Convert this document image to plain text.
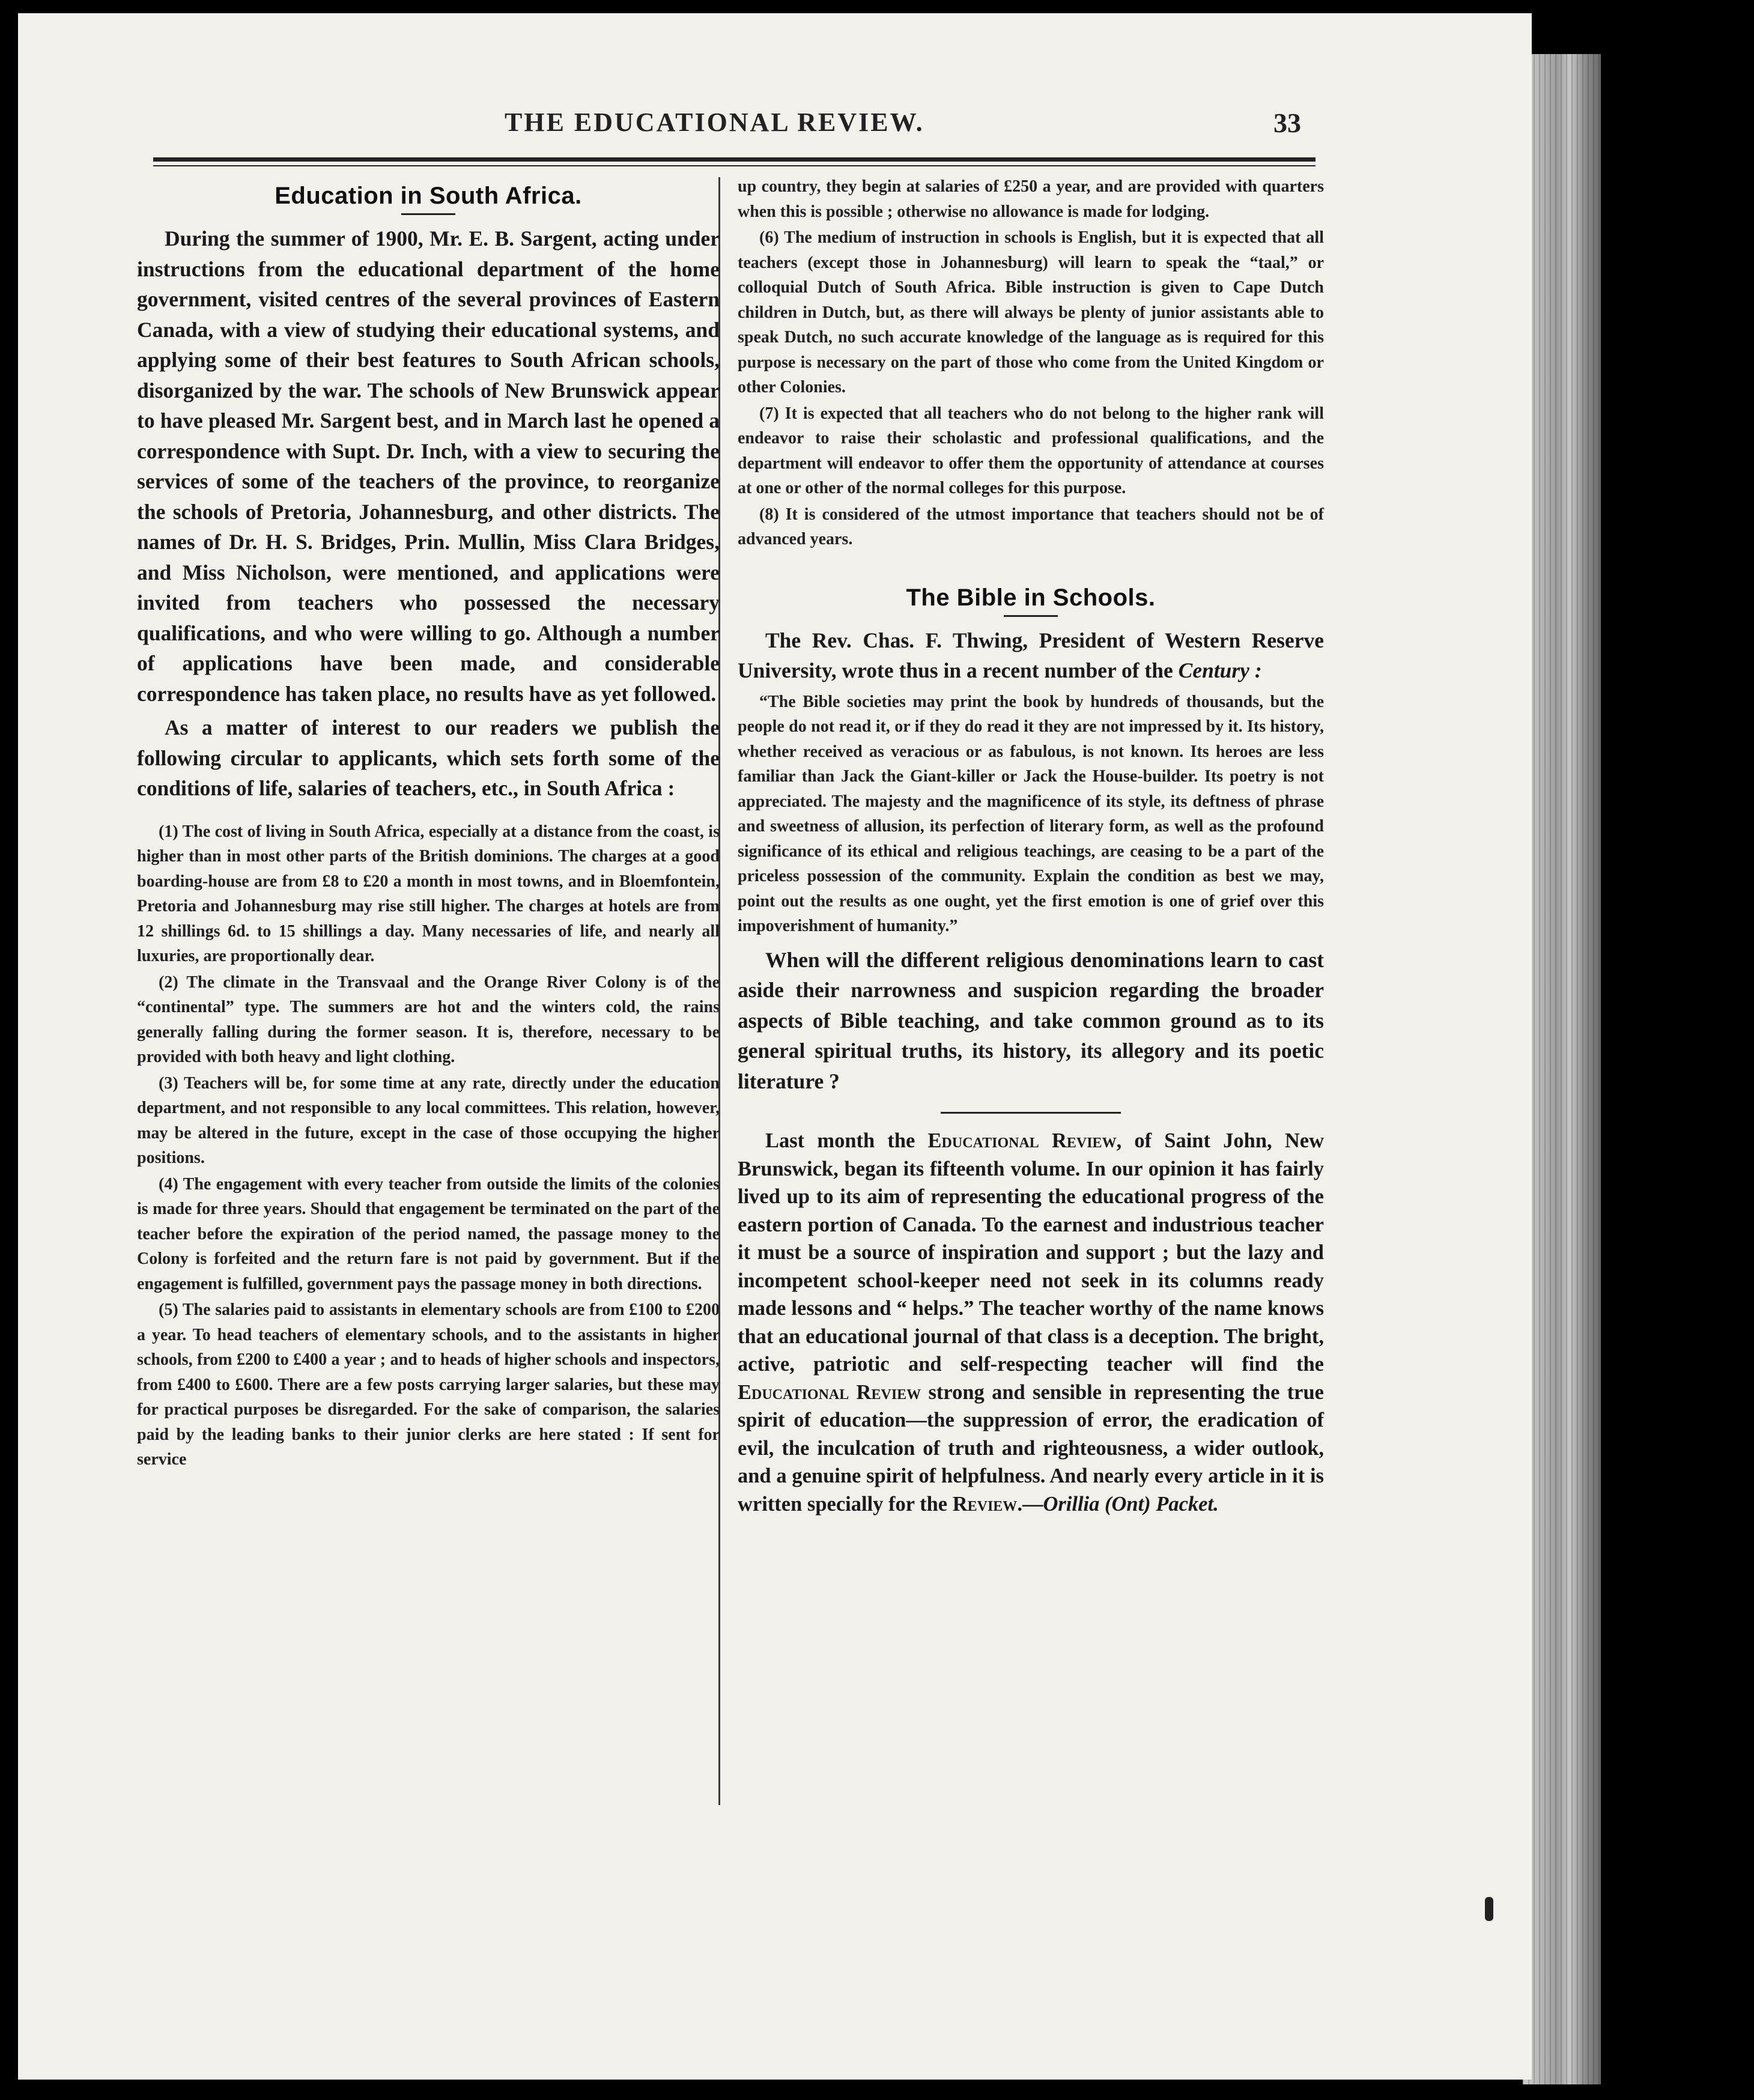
THE EDUCATIONAL REVIEW.	33
Education in South Africa.

During the summer of 1900, Mr. E. B. Sargent, acting under instructions from the educational department of the home government, visited centres of the several provinces of Eastern Canada, with a view of studying their educational systems, and applying some of their best features to South African schools, disorganized by the war. The schools of New Brunswick appear to have pleased Mr. Sargent best, and in March last he opened a correspondence with Supt. Dr. Inch, with a view to securing the services of some of the teachers of the province, to reorganize the schools of Pretoria, Johannesburg, and other districts. The names of Dr. H. S. Bridges, Prin. Mullin, Miss Clara Bridges, and Miss Nicholson, were mentioned, and applications were invited from teachers who possessed the necessary qualifications, and who were willing to go. Although a number of applications have been made, and considerable correspondence has taken place, no results have as yet followed.

As a matter of interest to our readers we publish the following circular to applicants, which sets forth some of the conditions of life, salaries of teachers, etc., in South Africa :

(1) The cost of living in South Africa, especially at a distance from the coast, is higher than in most other parts of the British dominions. The charges at a good boarding-house are from £8 to £20 a month in most towns, and in Bloemfontein, Pretoria and Johannesburg may rise still higher. The charges at hotels are from 12 shillings 6d. to 15 shillings a day. Many necessaries of life, and nearly all luxuries, are proportionally dear.

(2) The climate in the Transvaal and the Orange River Colony is of the “continental” type. The summers are hot and the winters cold, the rains generally falling during the former season. It is, therefore, necessary to be provided with both heavy and light clothing.

(3) Teachers will be, for some time at any rate, directly under the education department, and not responsible to any local committees. This relation, however, may be altered in the future, except in the case of those occupying the higher positions.

(4) The engagement with every teacher from outside the limits of the colonies is made for three years. Should that engagement be terminated on the part of the teacher before the expiration of the period named, the passage money to the Colony is forfeited and the return fare is not paid by government. But if the engagement is fulfilled, government pays the passage money in both directions.

(5) The salaries paid to assistants in elementary schools are from £100 to £200 a year. To head teachers of elementary schools, and to the assistants in higher schools, from £200 to £400 a year ; and to heads of higher schools and inspectors, from £400 to £600. There are a few posts carrying larger salaries, but these may for practical purposes be disregarded. For the sake of comparison, the salaries paid by the leading banks to their junior clerks are here stated : If sent for service

up country, they begin at salaries of £250 a year, and are provided with quarters when this is possible ; otherwise no allowance is made for lodging.

(6) The medium of instruction in schools is English, but it is expected that all teachers (except those in Johannesburg) will learn to speak the “taal,” or colloquial Dutch of South Africa. Bible instruction is given to Cape Dutch children in Dutch, but, as there will always be plenty of junior assistants able to speak Dutch, no such accurate knowledge of the language as is required for this purpose is necessary on the part of those who come from the United Kingdom or other Colonies.

(7) It is expected that all teachers who do not belong to the higher rank will endeavor to raise their scholastic and professional qualifications, and the department will endeavor to offer them the opportunity of attendance at courses at one or other of the normal colleges for this purpose.

(8) It is considered of the utmost importance that teachers should not be of advanced years.

The Bible in Schools.

The Rev. Chas. F. Thwing, President of Western Reserve University, wrote thus in a recent number of the Century :

“The Bible societies may print the book by hundreds of thousands, but the people do not read it, or if they do read it they are not impressed by it. Its history, whether received as veracious or as fabulous, is not known. Its heroes are less familiar than Jack the Giant-killer or Jack the House-builder. Its poetry is not appreciated. The majesty and the magnificence of its style, its deftness of phrase and sweetness of allusion, its perfection of literary form, as well as the profound significance of its ethical and religious teachings, are ceasing to be a part of the priceless possession of the community. Explain the condition as best we may, point out the results as one ought, yet the first emotion is one of grief over this impoverishment of humanity.”

When will the different religious denominations learn to cast aside their narrowness and suspicion regarding the broader aspects of Bible teaching, and take common ground as to its general spiritual truths, its history, its allegory and its poetic literature ?

Last month the Educational Review, of Saint John, New Brunswick, began its fifteenth volume. In our opinion it has fairly lived up to its aim of representing the educational progress of the eastern portion of Canada. To the earnest and industrious teacher it must be a source of inspiration and support ; but the lazy and incompetent school-keeper need not seek in its columns ready made lessons and “ helps.” The teacher worthy of the name knows that an educational journal of that class is a deception. The bright, active, patriotic and self-respecting teacher will find the Educational Review strong and sensible in representing the true spirit of education—the suppression of error, the eradication of evil, the inculcation of truth and righteousness, a wider outlook, and a genuine spirit of helpfulness. And nearly every article in it is written specially for the Review.—Orillia (Ont) Packet.
